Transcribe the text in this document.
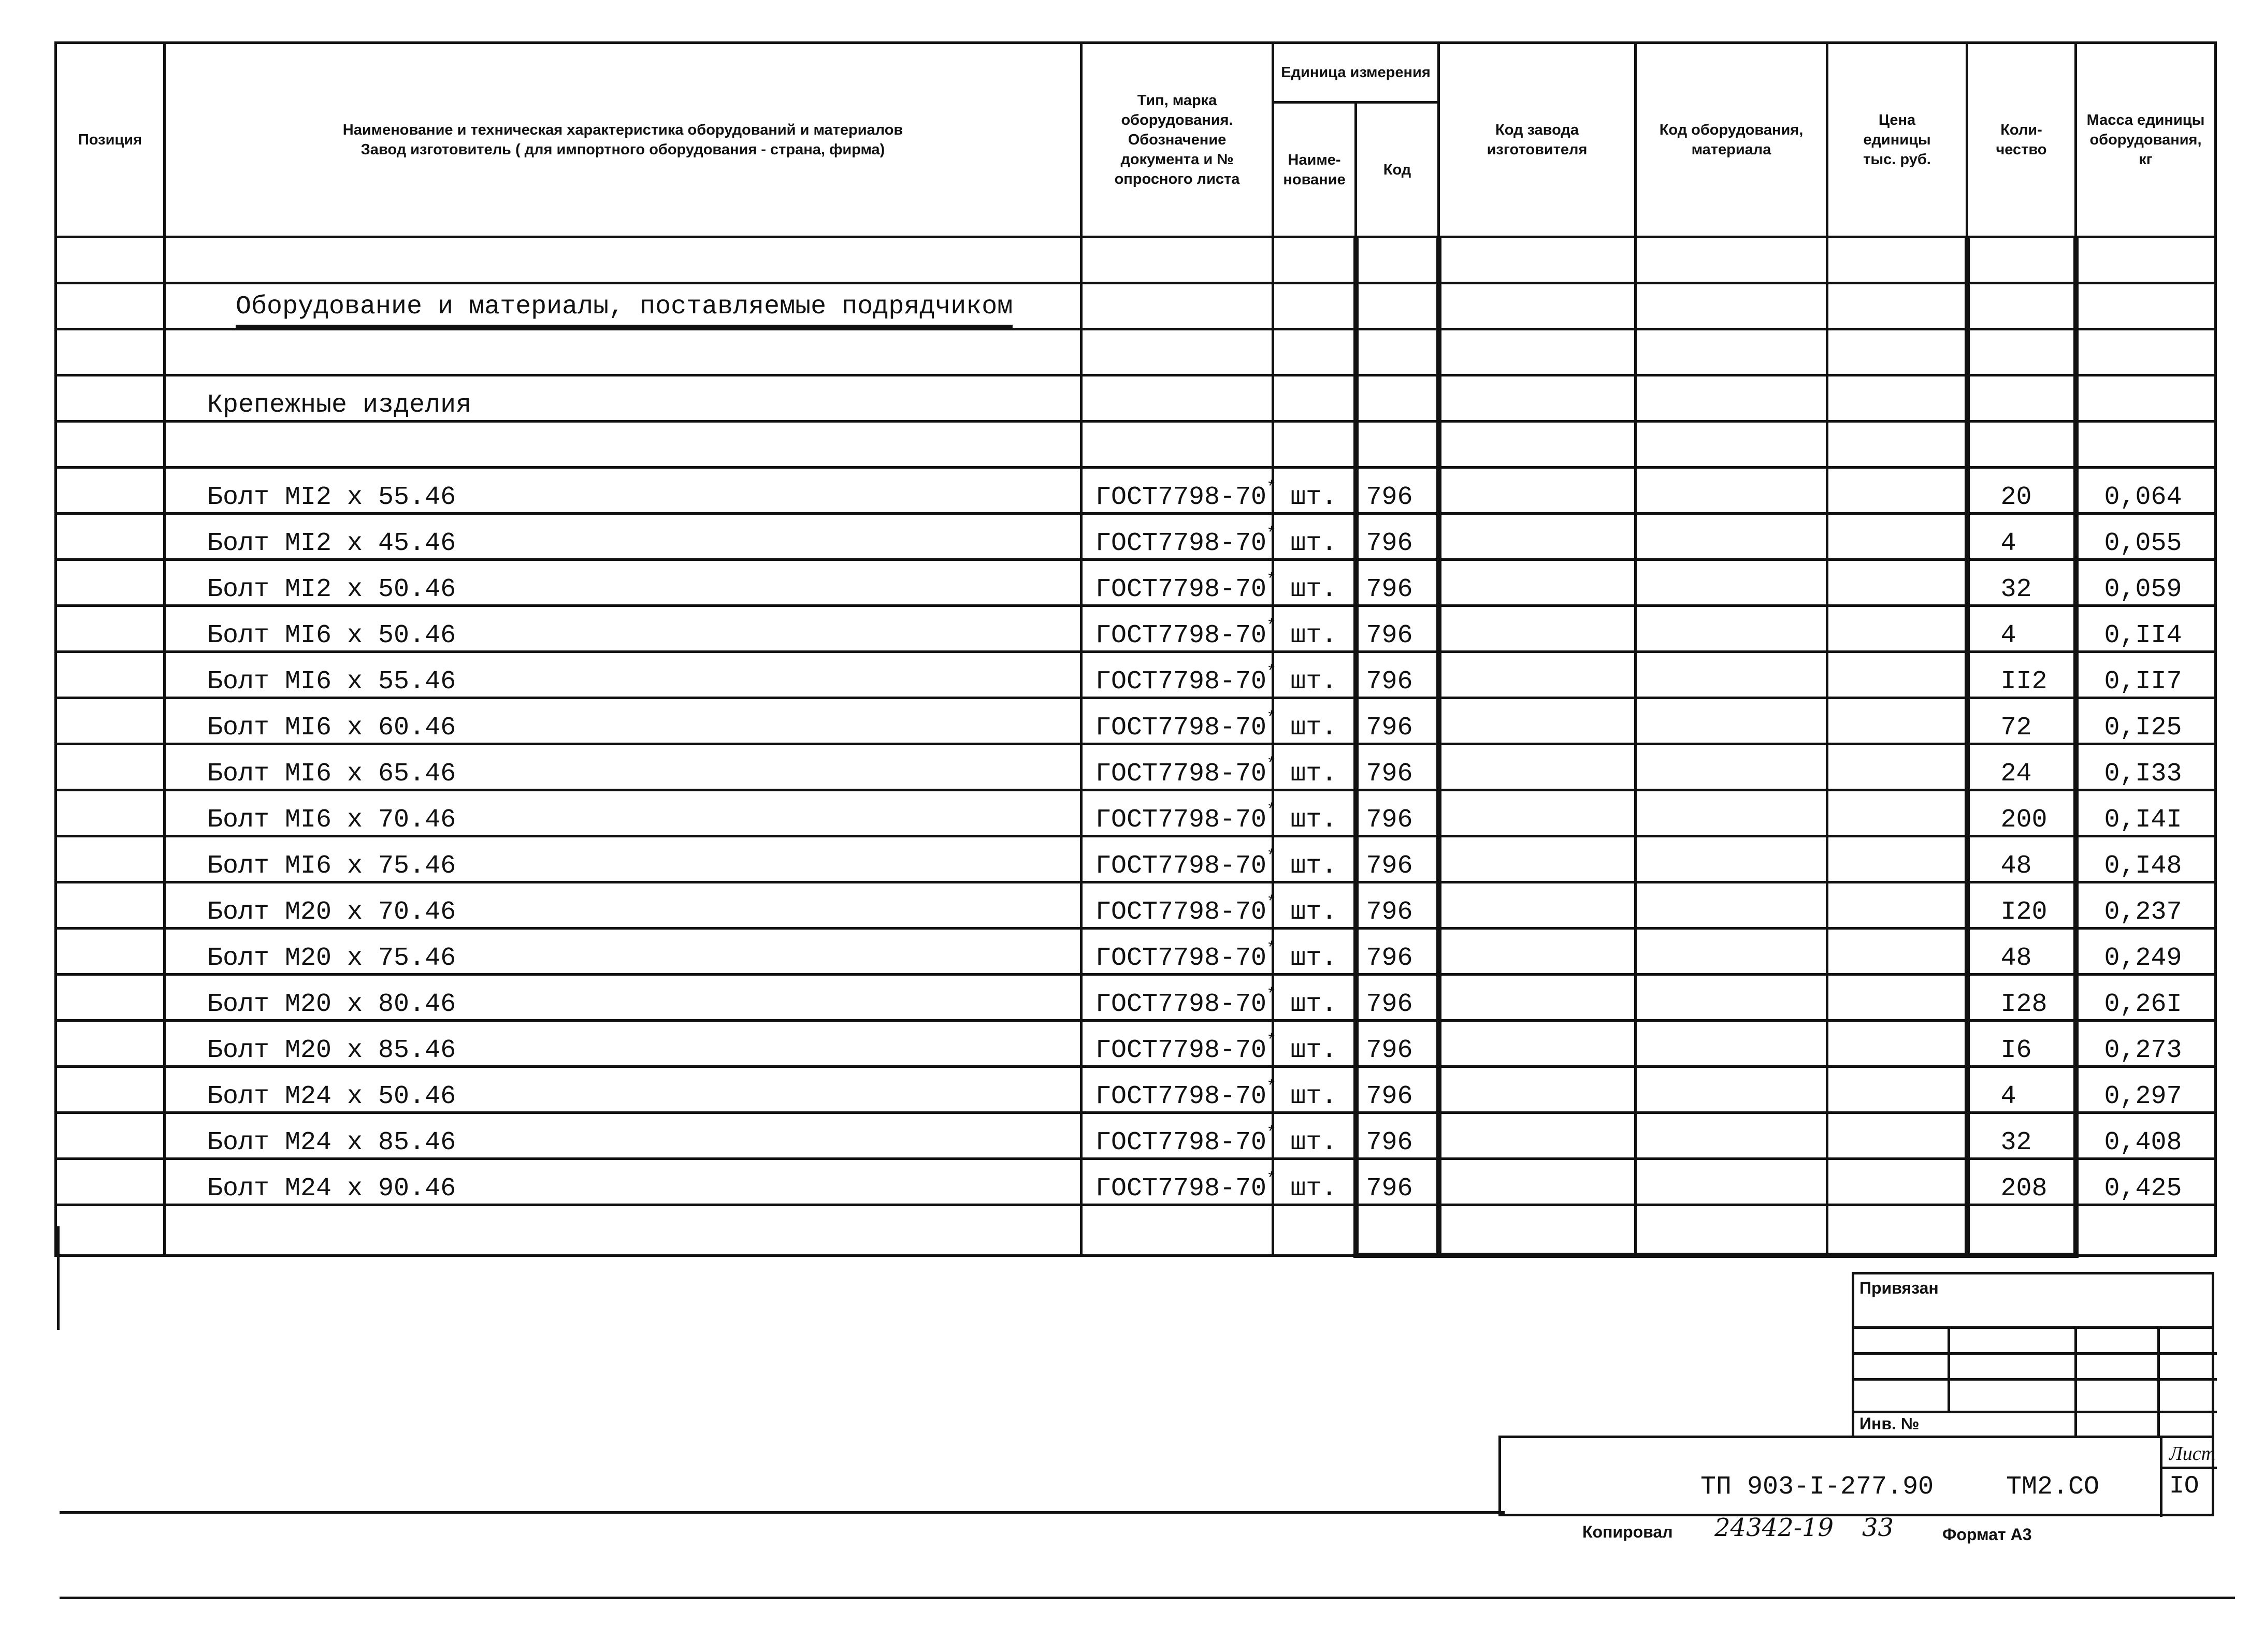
Позиция	Наименование и техническая характеристика оборудований и материалов
Завод изготовитель ( для импортного оборудования - страна, фирма)	Тип, марка оборудования. Обозначение документа и № опросного листа	Единица измерения		Код завода изготовителя	Код оборудования, материала	Цена единицы тыс. руб.	Коли- чество	Масса единицы оборудования, кг
			Наиме- нование	Код					

	Оборудование и материалы, поставляемые подрядчиком								

	Крепежные изделия								

	Болт МI2 х 55.46	ГОСТ7798-70*	шт.	796				20	0,064
	Болт МI2 х 45.46	ГОСТ7798-70*	шт.	796				4	0,055
	Болт МI2 х 50.46	ГОСТ7798-70*	шт.	796				32	0,059
	Болт МI6 х 50.46	ГОСТ7798-70*	шт.	796				4	0,II4
	Болт МI6 х 55.46	ГОСТ7798-70*	шт.	796				II2	0,II7
	Болт МI6 х 60.46	ГОСТ7798-70*	шт.	796				72	0,I25
	Болт МI6 х 65.46	ГОСТ7798-70*	шт.	796				24	0,I33
	Болт МI6 х 70.46	ГОСТ7798-70*	шт.	796				200	0,I4I
	Болт МI6 х 75.46	ГОСТ7798-70*	шт.	796				48	0,I48
	Болт М20 х 70.46	ГОСТ7798-70*	шт.	796				I20	0,237
	Болт М20 х 75.46	ГОСТ7798-70*	шт.	796				48	0,249
	Болт М20 х 80.46	ГОСТ7798-70*	шт.	796				I28	0,26I
	Болт М20 х 85.46	ГОСТ7798-70*	шт.	796				I6	0,273
	Болт М24 х 50.46	ГОСТ7798-70*	шт.	796				4	0,297
	Болт М24 х 85.46	ГОСТ7798-70*	шт.	796				32	0,408
	Болт М24 х 90.46	ГОСТ7798-70*	шт.	796				208	0,425

Привязан
Инв. №
Лист
IO
ТП 903-I-277.90	ТМ2.СО
Копировал 24342-19 33	Формат А3
